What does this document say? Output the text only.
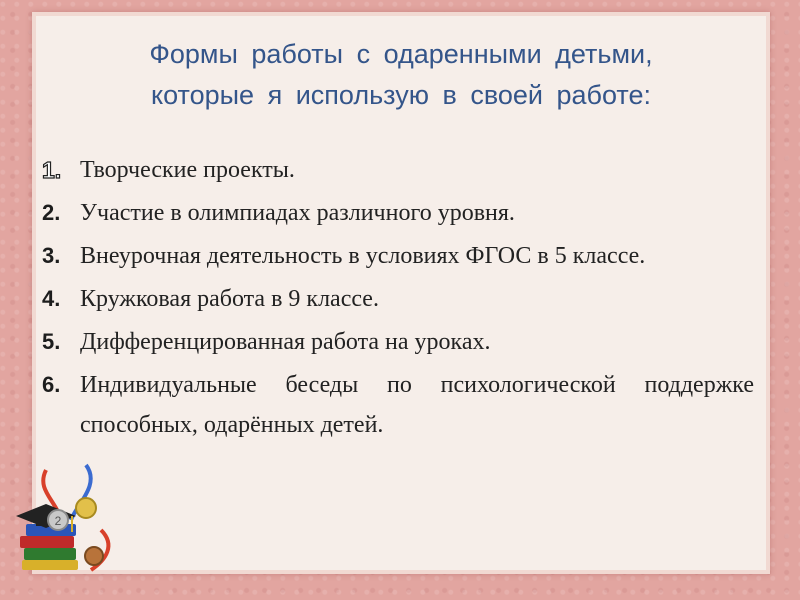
Формы работы с одаренными детьми,
которые я использую в своей работе:
1. Творческие проекты.
2. Участие в олимпиадах различного уровня.
3. Внеурочная деятельность в условиях ФГОС в 5 классе.
4. Кружковая работа в 9 классе.
5. Дифференцированная работа на уроках.
6. Индивидуальные беседы по психологической поддержке способных, одарённых детей.
2
